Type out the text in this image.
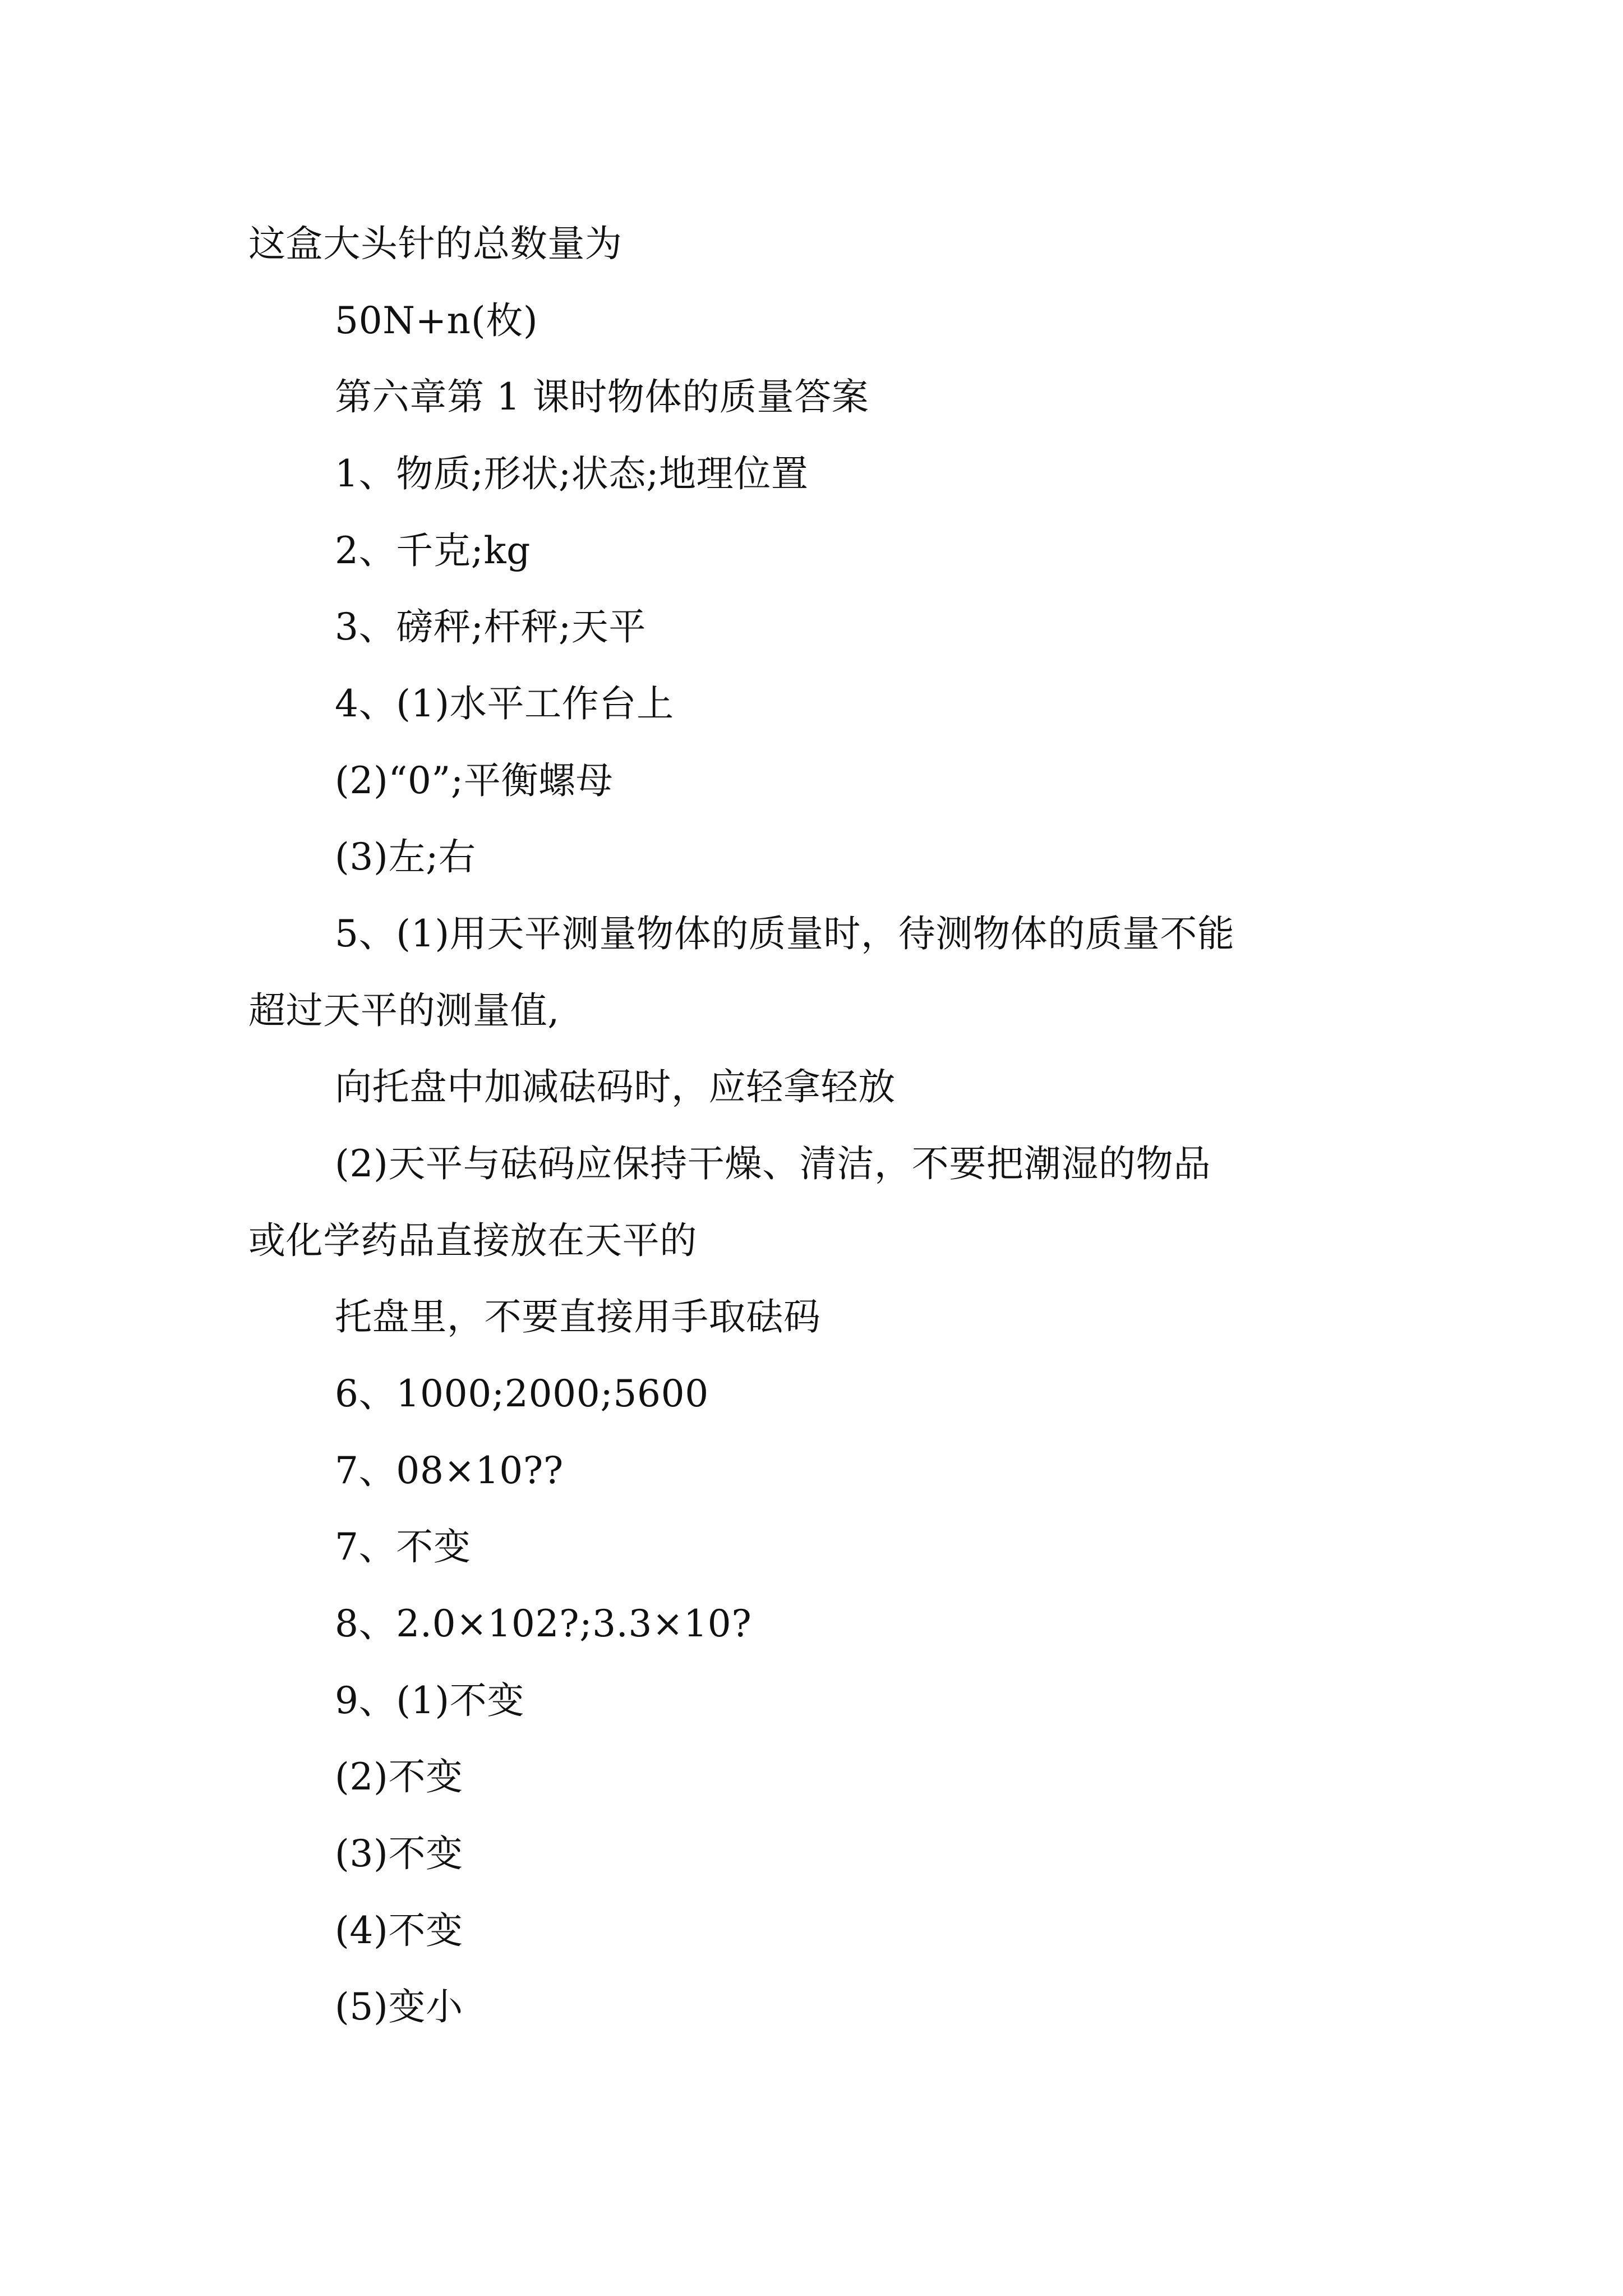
这盒大头针的总数量为
50N+n(枚)
第六章第 1 课时物体的质量答案
1、物质;形状;状态;地理位置
2、千克;kg
3、磅秤;杆秤;天平
4、(1)水平工作台上
(2)“0”;平衡螺母
(3)左;右
5、(1)用天平测量物体的质量时，待测物体的质量不能
超过天平的测量值,
向托盘中加减砝码时，应轻拿轻放
(2)天平与砝码应保持干燥、清洁，不要把潮湿的物品
或化学药品直接放在天平的
托盘里，不要直接用手取砝码
6、1000;2000;5600
7、08×10??
7、不变
8、2.0×102?;3.3×10?
9、(1)不变
(2)不变
(3)不变
(4)不变
(5)变小
